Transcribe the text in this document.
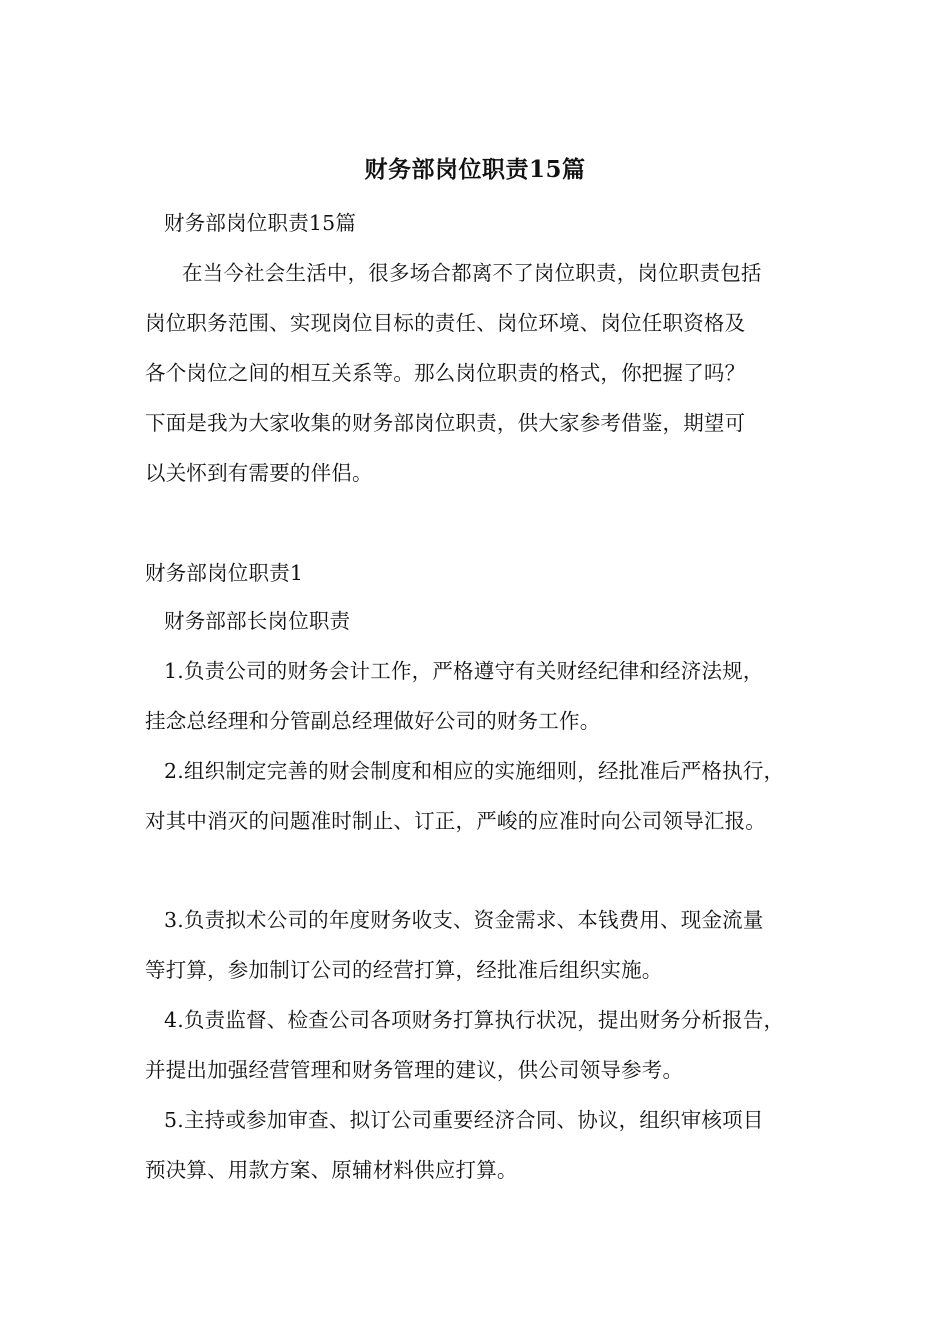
财务部岗位职责15篇
财务部岗位职责15篇
在当今社会生活中，很多场合都离不了岗位职责，岗位职责包括
岗位职务范围、实现岗位目标的责任、岗位环境、岗位任职资格及
各个岗位之间的相互关系等。那么岗位职责的格式，你把握了吗？
下面是我为大家收集的财务部岗位职责，供大家参考借鉴，期望可
以关怀到有需要的伴侣。
财务部岗位职责1
财务部部长岗位职责
1.负责公司的财务会计工作，严格遵守有关财经纪律和经济法规，
挂念总经理和分管副总经理做好公司的财务工作。
2.组织制定完善的财会制度和相应的实施细则，经批准后严格执行，
对其中消灭的问题准时制止、订正，严峻的应准时向公司领导汇报。
3.负责拟术公司的年度财务收支、资金需求、本钱费用、现金流量
等打算，参加制订公司的经营打算，经批准后组织实施。
4.负责监督、检查公司各项财务打算执行状况，提出财务分析报告，
并提出加强经营管理和财务管理的建议，供公司领导参考。
5.主持或参加审查、拟订公司重要经济合同、协议，组织审核项目
预决算、用款方案、原辅材料供应打算。
